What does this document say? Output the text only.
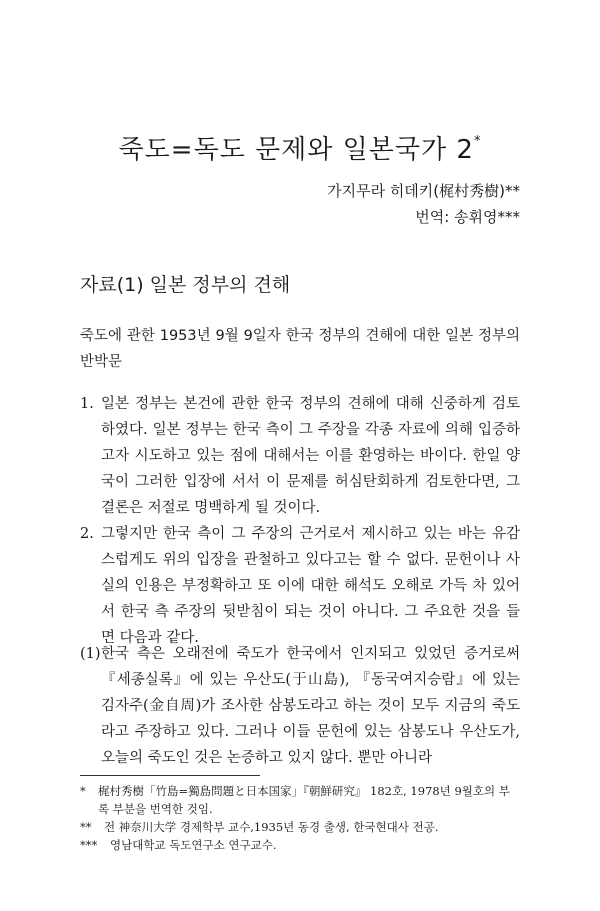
죽도=독도 문제와 일본국가 2*
가지무라 히데키(梶村秀樹)**
번역: 송휘영***
자료(1) 일본 정부의 견해
죽도에 관한 1953년 9월 9일자 한국 정부의 견해에 대한 일본 정부의 반박문
1. 일본 정부는 본건에 관한 한국 정부의 견해에 대해 신중하게 검토하였다. 일본 정부는 한국 측이 그 주장을 각종 자료에 의해 입증하고자 시도하고 있는 점에 대해서는 이를 환영하는 바이다. 한일 양국이 그러한 입장에 서서 이 문제를 허심탄회하게 검토한다면, 그 결론은 저절로 명백하게 될 것이다.
2. 그렇지만 한국 측이 그 주장의 근거로서 제시하고 있는 바는 유감스럽게도 위의 입장을 관철하고 있다고는 할 수 없다. 문헌이나 사실의 인용은 부정확하고 또 이에 대한 해석도 오해로 가득 차 있어서 한국 측 주장의 뒷받침이 되는 것이 아니다. 그 주요한 것을 들면 다음과 같다.
(1) 한국 측은 오래전에 죽도가 한국에서 인지되고 있었던 증거로써 『세종실록』에 있는 우산도(于山島), 『동국여지승람』에 있는 김자주(金自周)가 조사한 삼봉도라고 하는 것이 모두 지금의 죽도라고 주장하고 있다. 그러나 이들 문헌에 있는 삼봉도나 우산도가, 오늘의 죽도인 것은 논증하고 있지 않다. 뿐만 아니라
* 梶村秀樹「竹島=獨島問題と日本国家」『朝鮮研究』 182호, 1978년 9월호의 부록 부분을 번역한 것임.
** 전 神奈川大学 경제학부 교수,1935년 동경 출생, 한국현대사 전공.
*** 영남대학교 독도연구소 연구교수.
